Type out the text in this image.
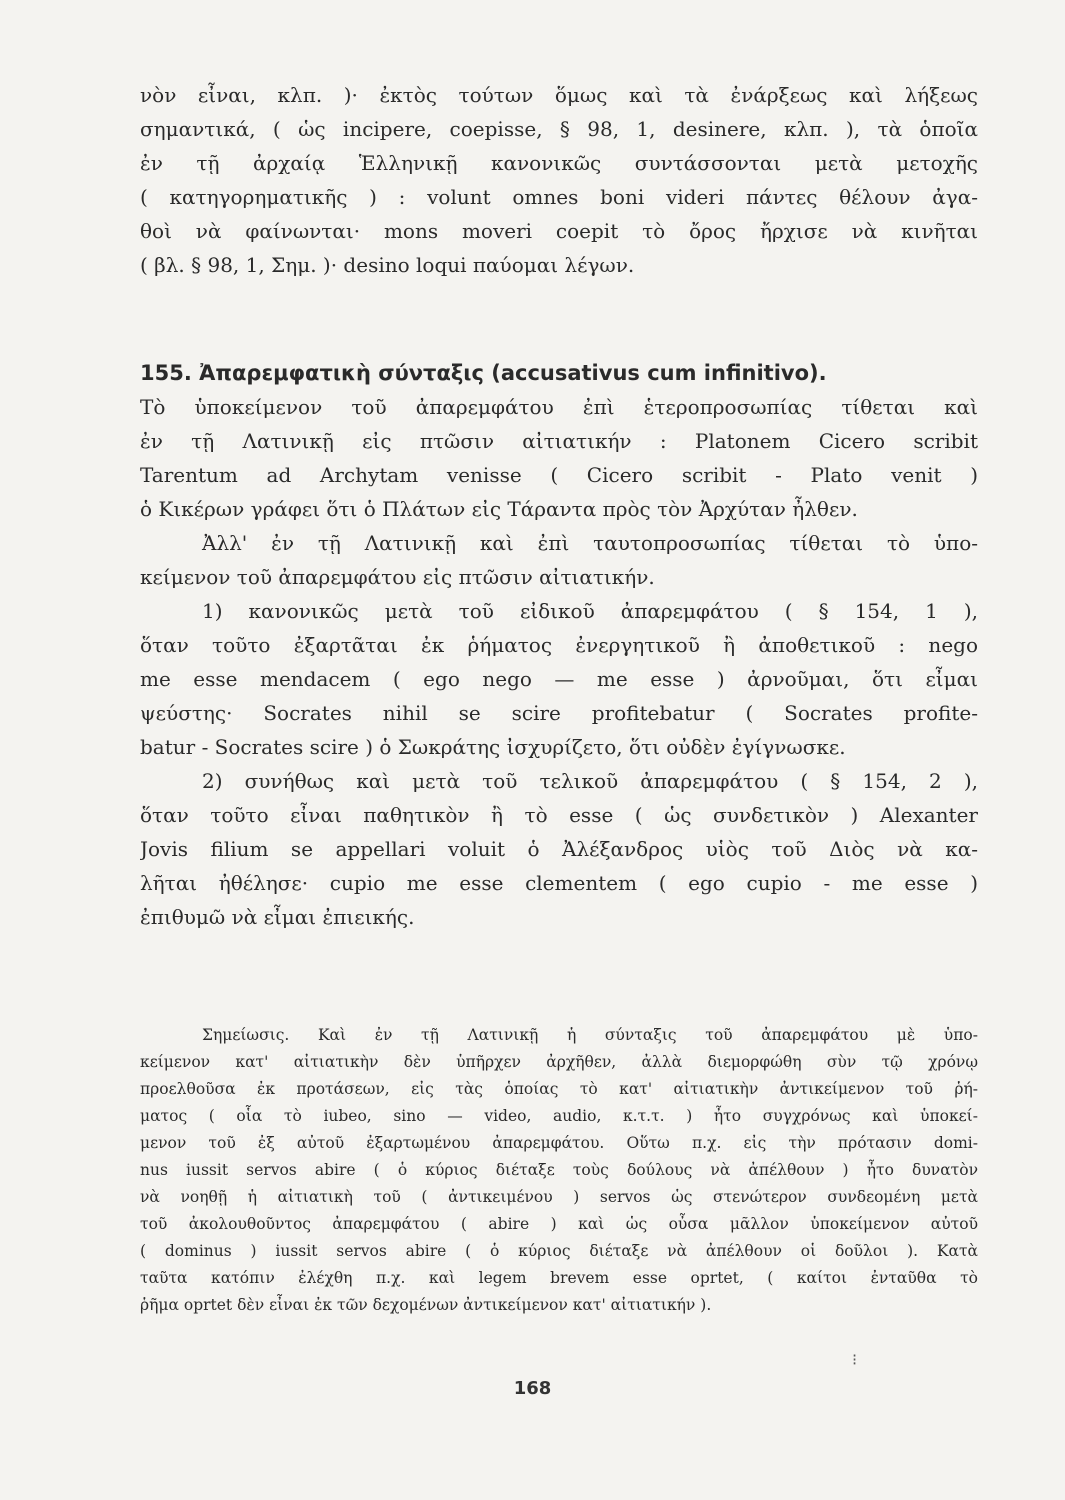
νὸν εἶναι, κλπ. )· ἐκτὸς τούτων ὅμως καὶ τὰ ἐνάρξεως καὶ λήξεως
σημαντικά, ( ὡς incipere, coepisse, § 98, 1, desinere, κλπ. ), τὰ ὁποῖα
ἐν τῇ ἀρχαίᾳ Ἑλληνικῇ κανονικῶς συντάσσονται μετὰ μετοχῆς
( κατηγορηματικῆς ) : volunt omnes boni videri πάντες θέλουν ἀγα-
θοὶ νὰ φαίνωνται· mons moveri coepit τὸ ὄρος ἤρχισε νὰ κινῆται
( βλ. § 98, 1, Σημ. )· desino loqui παύομαι λέγων.
155. Ἀπαρεμφατικὴ σύνταξις (accusativus cum infinitivo).
Τὸ ὑποκείμενον τοῦ ἀπαρεμφάτου ἐπὶ ἑτεροπροσωπίας τίθεται καὶ
ἐν τῇ Λατινικῇ εἰς πτῶσιν αἰτιατικήν : Platonem Cicero scribit
Tarentum ad Archytam venisse ( Cicero scribit - Plato venit )
ὁ Κικέρων γράφει ὅτι ὁ Πλάτων εἰς Τάραντα πρὸς τὸν Ἀρχύταν ἦλθεν.
Ἀλλ' ἐν τῇ Λατινικῇ καὶ ἐπὶ ταυτοπροσωπίας τίθεται τὸ ὑπο-
κείμενον τοῦ ἀπαρεμφάτου εἰς πτῶσιν αἰτιατικήν.
1) κανονικῶς μετὰ τοῦ εἰδικοῦ ἀπαρεμφάτου ( § 154, 1 ),
ὅταν τοῦτο ἐξαρτᾶται ἐκ ῥήματος ἐνεργητικοῦ ἢ ἀποθετικοῦ : nego
me esse mendacem ( ego nego — me esse ) ἀρνοῦμαι, ὅτι εἶμαι
ψεύστης· Socrates nihil se scire profitebatur ( Socrates profite-
batur - Socrates scire ) ὁ Σωκράτης ἰσχυρίζετο, ὅτι οὐδὲν ἐγίγνωσκε.
2) συνήθως καὶ μετὰ τοῦ τελικοῦ ἀπαρεμφάτου ( § 154, 2 ),
ὅταν τοῦτο εἶναι παθητικὸν ἢ τὸ esse ( ὡς συνδετικὸν ) Alexanter
Jovis filium se appellari voluit ὁ Ἀλέξανδρος υἱὸς τοῦ Διὸς νὰ κα-
λῆται ἠθέλησε· cupio me esse clementem ( ego cupio - me esse )
ἐπιθυμῶ νὰ εἶμαι ἐπιεικής.
Σημείωσις. Καὶ ἐν τῇ Λατινικῇ ἡ σύνταξις τοῦ ἀπαρεμφάτου μὲ ὑπο-
κείμενον κατ' αἰτιατικὴν δὲν ὑπῆρχεν ἀρχῆθεν, ἀλλὰ διεμορφώθη σὺν τῷ χρόνῳ
προελθοῦσα ἐκ προτάσεων, εἰς τὰς ὁποίας τὸ κατ' αἰτιατικὴν ἀντικείμενον τοῦ ῥή-
ματος ( οἷα τὸ iubeo, sino — video, audio, κ.τ.τ. ) ἦτο συγχρόνως καὶ ὑποκεί-
μενον τοῦ ἐξ αὐτοῦ ἐξαρτωμένου ἀπαρεμφάτου. Οὕτω π.χ. εἰς τὴν πρότασιν domi-
nus iussit servos abire ( ὁ κύριος διέταξε τοὺς δούλους νὰ ἀπέλθουν ) ἦτο δυνατὸν
νὰ νοηθῇ ἡ αἰτιατικὴ τοῦ ( ἀντικειμένου ) servos ὡς στενώτερον συνδεομένη μετὰ
τοῦ ἀκολουθοῦντος ἀπαρεμφάτου ( abire ) καὶ ὡς οὖσα μᾶλλον ὑποκείμενον αὐτοῦ
( dominus ) iussit servos abire ( ὁ κύριος διέταξε νὰ ἀπέλθουν οἱ δοῦλοι ). Κατὰ
ταῦτα κατόπιν ἐλέχθη π.χ. καὶ legem brevem esse oprtet, ( καίτοι ἐνταῦθα τὸ
ῥῆμα oprtet δὲν εἶναι ἐκ τῶν δεχομένων ἀντικείμενον κατ' αἰτιατικήν ).
⁝
168
